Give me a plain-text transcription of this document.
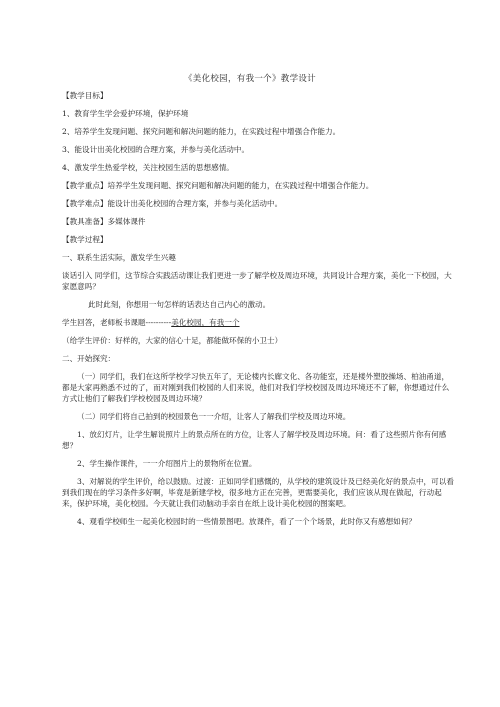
《美化校园，有我一个》教学设计

【教学目标】

1、教育学生学会爱护环境，保护环境

2、培养学生发现问题、探究问题和解决问题的能力，在实践过程中增强合作能力。

3、能设计出美化校园的合理方案，并参与美化活动中。

4、激发学生热爱学校，关注校园生活的思想感情。

【教学重点】培养学生发现问题、探究问题和解决问题的能力，在实践过程中增强合作能力。

【教学难点】能设计出美化校园的合理方案，并参与美化活动中。

【教具准备】多媒体课件

【教学过程】

一、联系生活实际，激发学生兴趣

谈话引入 同学们，这节综合实践活动课让我们更进一步了解学校及周边环境，共同设计合理方案，美化一下校园，大家愿意吗？

此时此刻，你想用一句怎样的话表达自己内心的激动。

学生回答，老师板书课题----------美化校园，有我一个

（给学生评价：好样的，大家的信心十足，都能做环保的小卫士）

二、开始探究：

（一）同学们，我们在这所学校学习快五年了，无论楼内长廊文化、各功能室，还是楼外塑胶操场、柏油甬道，都是大家再熟悉不过的了，而对刚到我们校园的人们来说，他们对我们学校校园及周边环境还不了解，你想通过什么方式让他们了解我们学校校园及周边环境？

（二）同学们将自己拍到的校园景色一一介绍，让客人了解我们学校及周边环境。

1、放幻灯片，让学生解说照片上的景点所在的方位，让客人了解学校及周边环境。问：看了这些照片你有何感想？

2、学生操作课件，一一介绍图片上的景物所在位置。

3、对解说的学生评价，给以鼓励。过渡：正如同学们感慨的，从学校的建筑设计及已经美化好的景点中，可以看到我们现在的学习条件多好啊，毕竟是新建学校，很多地方正在完善，更需要美化，我们应该从现在做起，行动起来，保护环境，美化校园。今天就让我们动脑动手亲自在纸上设计美化校园的图案吧。

4、观看学校师生一起美化校园时的一些情景图吧。放课件，看了一个个场景，此时你又有感想如何？
